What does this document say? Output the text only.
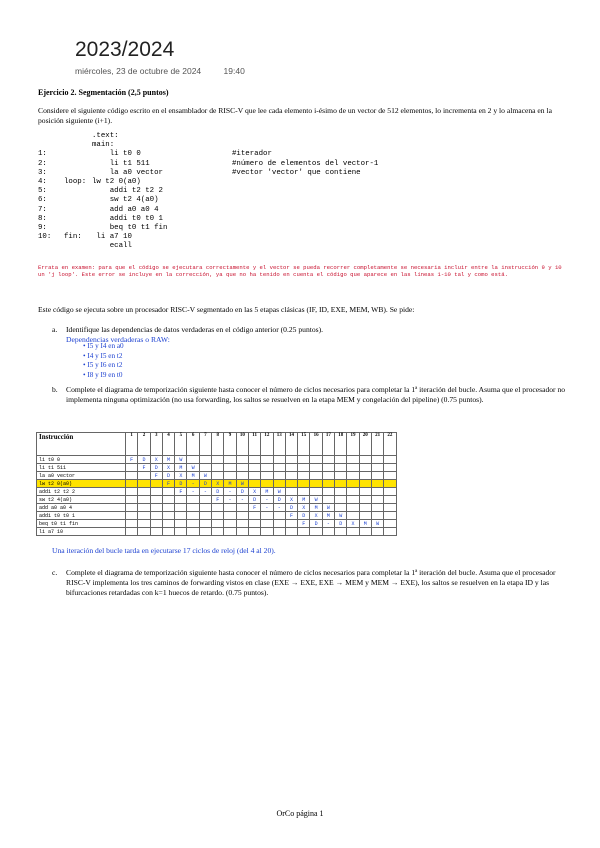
2023/2024
miércoles, 23 de octubre de 2024	19:40
Ejercicio 2. Segmentación (2,5 puntos)
Considere el siguiente código escrito en el ensamblador de RISC-V que lee cada elemento i-ésimo de un vector de 512 elementos, lo incrementa en 2 y lo almacena en la posición siguiente (i+1).
.text:
main:
1:	li t0 0	#iterador
2:	li t1 511	#número de elementos del vector-1
3:	la a0 vector	#vector 'vector' que contiene
4:	loop: lw t2 0(a0)
5:	addi t2 t2 2
6:	sw t2 4(a0)
7:	add a0 a0 4
8:	addi t0 t0 1
9:	beq t0 t1 fin
10:	fin:	li a7 10
ecall
Errata en examen: para que el código se ejecutara correctamente y el vector se pueda recorrer completamente se necesaria incluir entre la instrucción 9 y 10 un 'j loop'. Este error se incluye en la corrección, ya que no ha tenido en cuenta el código que aparece en las líneas 1-10 tal y como está.
Este código se ejecuta sobre un procesador RISC-V segmentado en las 5 etapas clásicas (IF, ID, EXE, MEM, WB). Se pide:
a. Identifique las dependencias de datos verdaderas en el código anterior (0.25 puntos).
Dependencias verdaderas o RAW:
• I5 y I4 en a0
• I4 y I5 en t2
• I5 y I6 en t2
• I8 y I9 en t0
b. Complete el diagrama de temporización siguiente hasta conocer el número de ciclos necesarios para completar la 1ª iteración del bucle. Asuma que el procesador no implementa ninguna optimización (no usa forwarding, los saltos se resuelven en la etapa MEM y congelación del pipeline) (0.75 puntos).
Instrucción	1	2	3	4	5	6	7	8	9	10	11	12	13	14	15	16	17	18	19	20	21	22
li t0 0	F	D	X	M	W																	
li t1 511		F	D	X	M	W																
la a0 vector			F	D	X	M	W															
lw t2 0(a0)				F	D	-	D	X	M	W												
addi t2 t2 2					F	-	-	D	-	D	X	M	W									
sw t2 4(a0)								F	-	-	D	-	D	X	M	W						
add a0 a0 4											F	-	-	D	X	M	W					
addi t0 t0 1														F	D	X	M	W				
beq t0 t1 fin															F	D	-	D	X	M	W	
li a7 10																						
Una iteración del bucle tarda en ejecutarse 17 ciclos de reloj (del 4 al 20).
c. Complete el diagrama de temporización siguiente hasta conocer el número de ciclos necesarios para completar la 1ª iteración del bucle. Asuma que el procesador RISC-V implementa los tres caminos de forwarding vistos en clase (EXE → EXE, EXE → MEM y MEM → EXE), los saltos se resuelven en la etapa ID y las bifurcaciones retardadas con k=1 huecos de retardo. (0.75 puntos).
OrCo página 1
